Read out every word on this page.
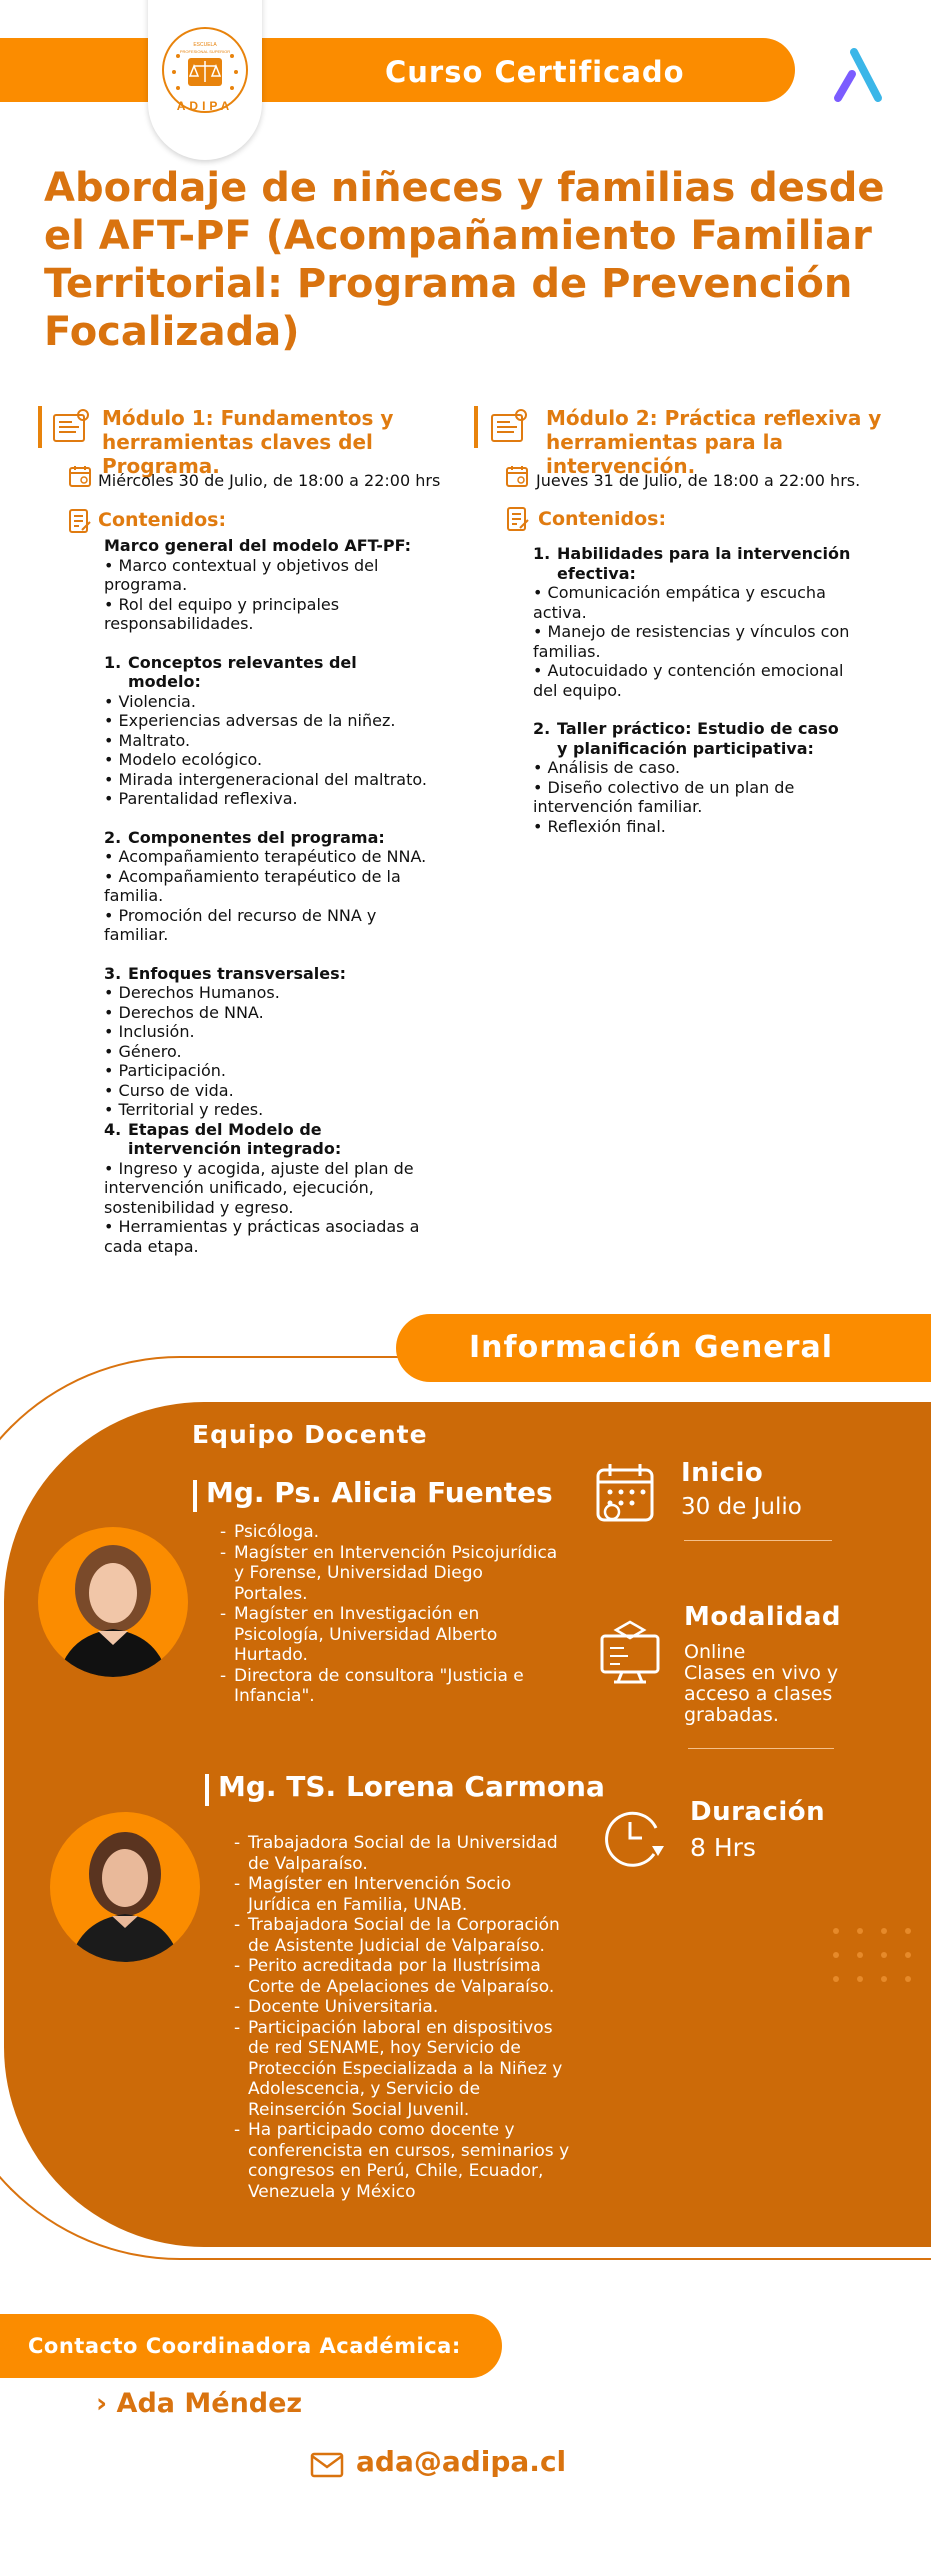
Curso Certificado
ESCUELA
PROFESIONAL SUPERIOR
ADIPA
Abordaje de niñeces y familias desde el AFT-PF (Acompañamiento Familiar Territorial: Programa de Prevención Focalizada)
Módulo 1: Fundamentos y herramientas claves del Programa.
Miércoles 30 de Julio, de 18:00 a 22:00 hrs
Contenidos:
Marco general del modelo AFT-PF:
• Marco contextual y objetivos del programa.
• Rol del equipo y principales responsabilidades.
1. Conceptos relevantes del modelo:
• Violencia.
• Experiencias adversas de la niñez.
• Maltrato.
• Modelo ecológico.
• Mirada intergeneracional del maltrato.
• Parentalidad reflexiva.
2. Componentes del programa:
• Acompañamiento terapéutico de NNA.
• Acompañamiento terapéutico de la familia.
• Promoción del recurso de NNA y familiar.
3. Enfoques transversales:
• Derechos Humanos.
• Derechos de NNA.
• Inclusión.
• Género.
• Participación.
• Curso de vida.
• Territorial y redes.
4. Etapas del Modelo de intervención integrado:
• Ingreso y acogida, ajuste del plan de intervención unificado, ejecución, sostenibilidad y egreso.
• Herramientas y prácticas asociadas a cada etapa.
Módulo 2: Práctica reflexiva y herramientas para la intervención.
Jueves 31 de Julio, de 18:00 a 22:00 hrs.
Contenidos:
1. Habilidades para la intervención efectiva:
• Comunicación empática y escucha activa.
• Manejo de resistencias y vínculos con familias.
• Autocuidado y contención emocional del equipo.
2. Taller práctico: Estudio de caso y planificación participativa:
• Análisis de caso.
• Diseño colectivo de un plan de intervención familiar.
• Reflexión final.
Información General
Equipo Docente
Mg. Ps. Alicia Fuentes
- Psicóloga.
- Magíster en Intervención Psicojurídica y Forense, Universidad Diego Portales.
- Magíster en Investigación en Psicología, Universidad Alberto Hurtado.
- Directora de consultora "Justicia e Infancia".
Mg. TS. Lorena Carmona
- Trabajadora Social de la Universidad de Valparaíso.
- Magíster en Intervención Socio Jurídica en Familia, UNAB.
- Trabajadora Social de la Corporación de Asistente Judicial de Valparaíso.
- Perito acreditada por la Ilustrísima Corte de Apelaciones de Valparaíso.
- Docente Universitaria.
- Participación laboral en dispositivos de red SENAME, hoy Servicio de Protección Especializada a la Niñez y Adolescencia, y Servicio de Reinserción Social Juvenil.
- Ha participado como docente y conferencista en cursos, seminarios y congresos en Perú, Chile, Ecuador, Venezuela y México
Inicio
30 de Julio
Modalidad
Online
Clases en vivo y acceso a clases grabadas.
Duración
8 Hrs
Contacto Coordinadora Académica:
› Ada Méndez
ada@adipa.cl
